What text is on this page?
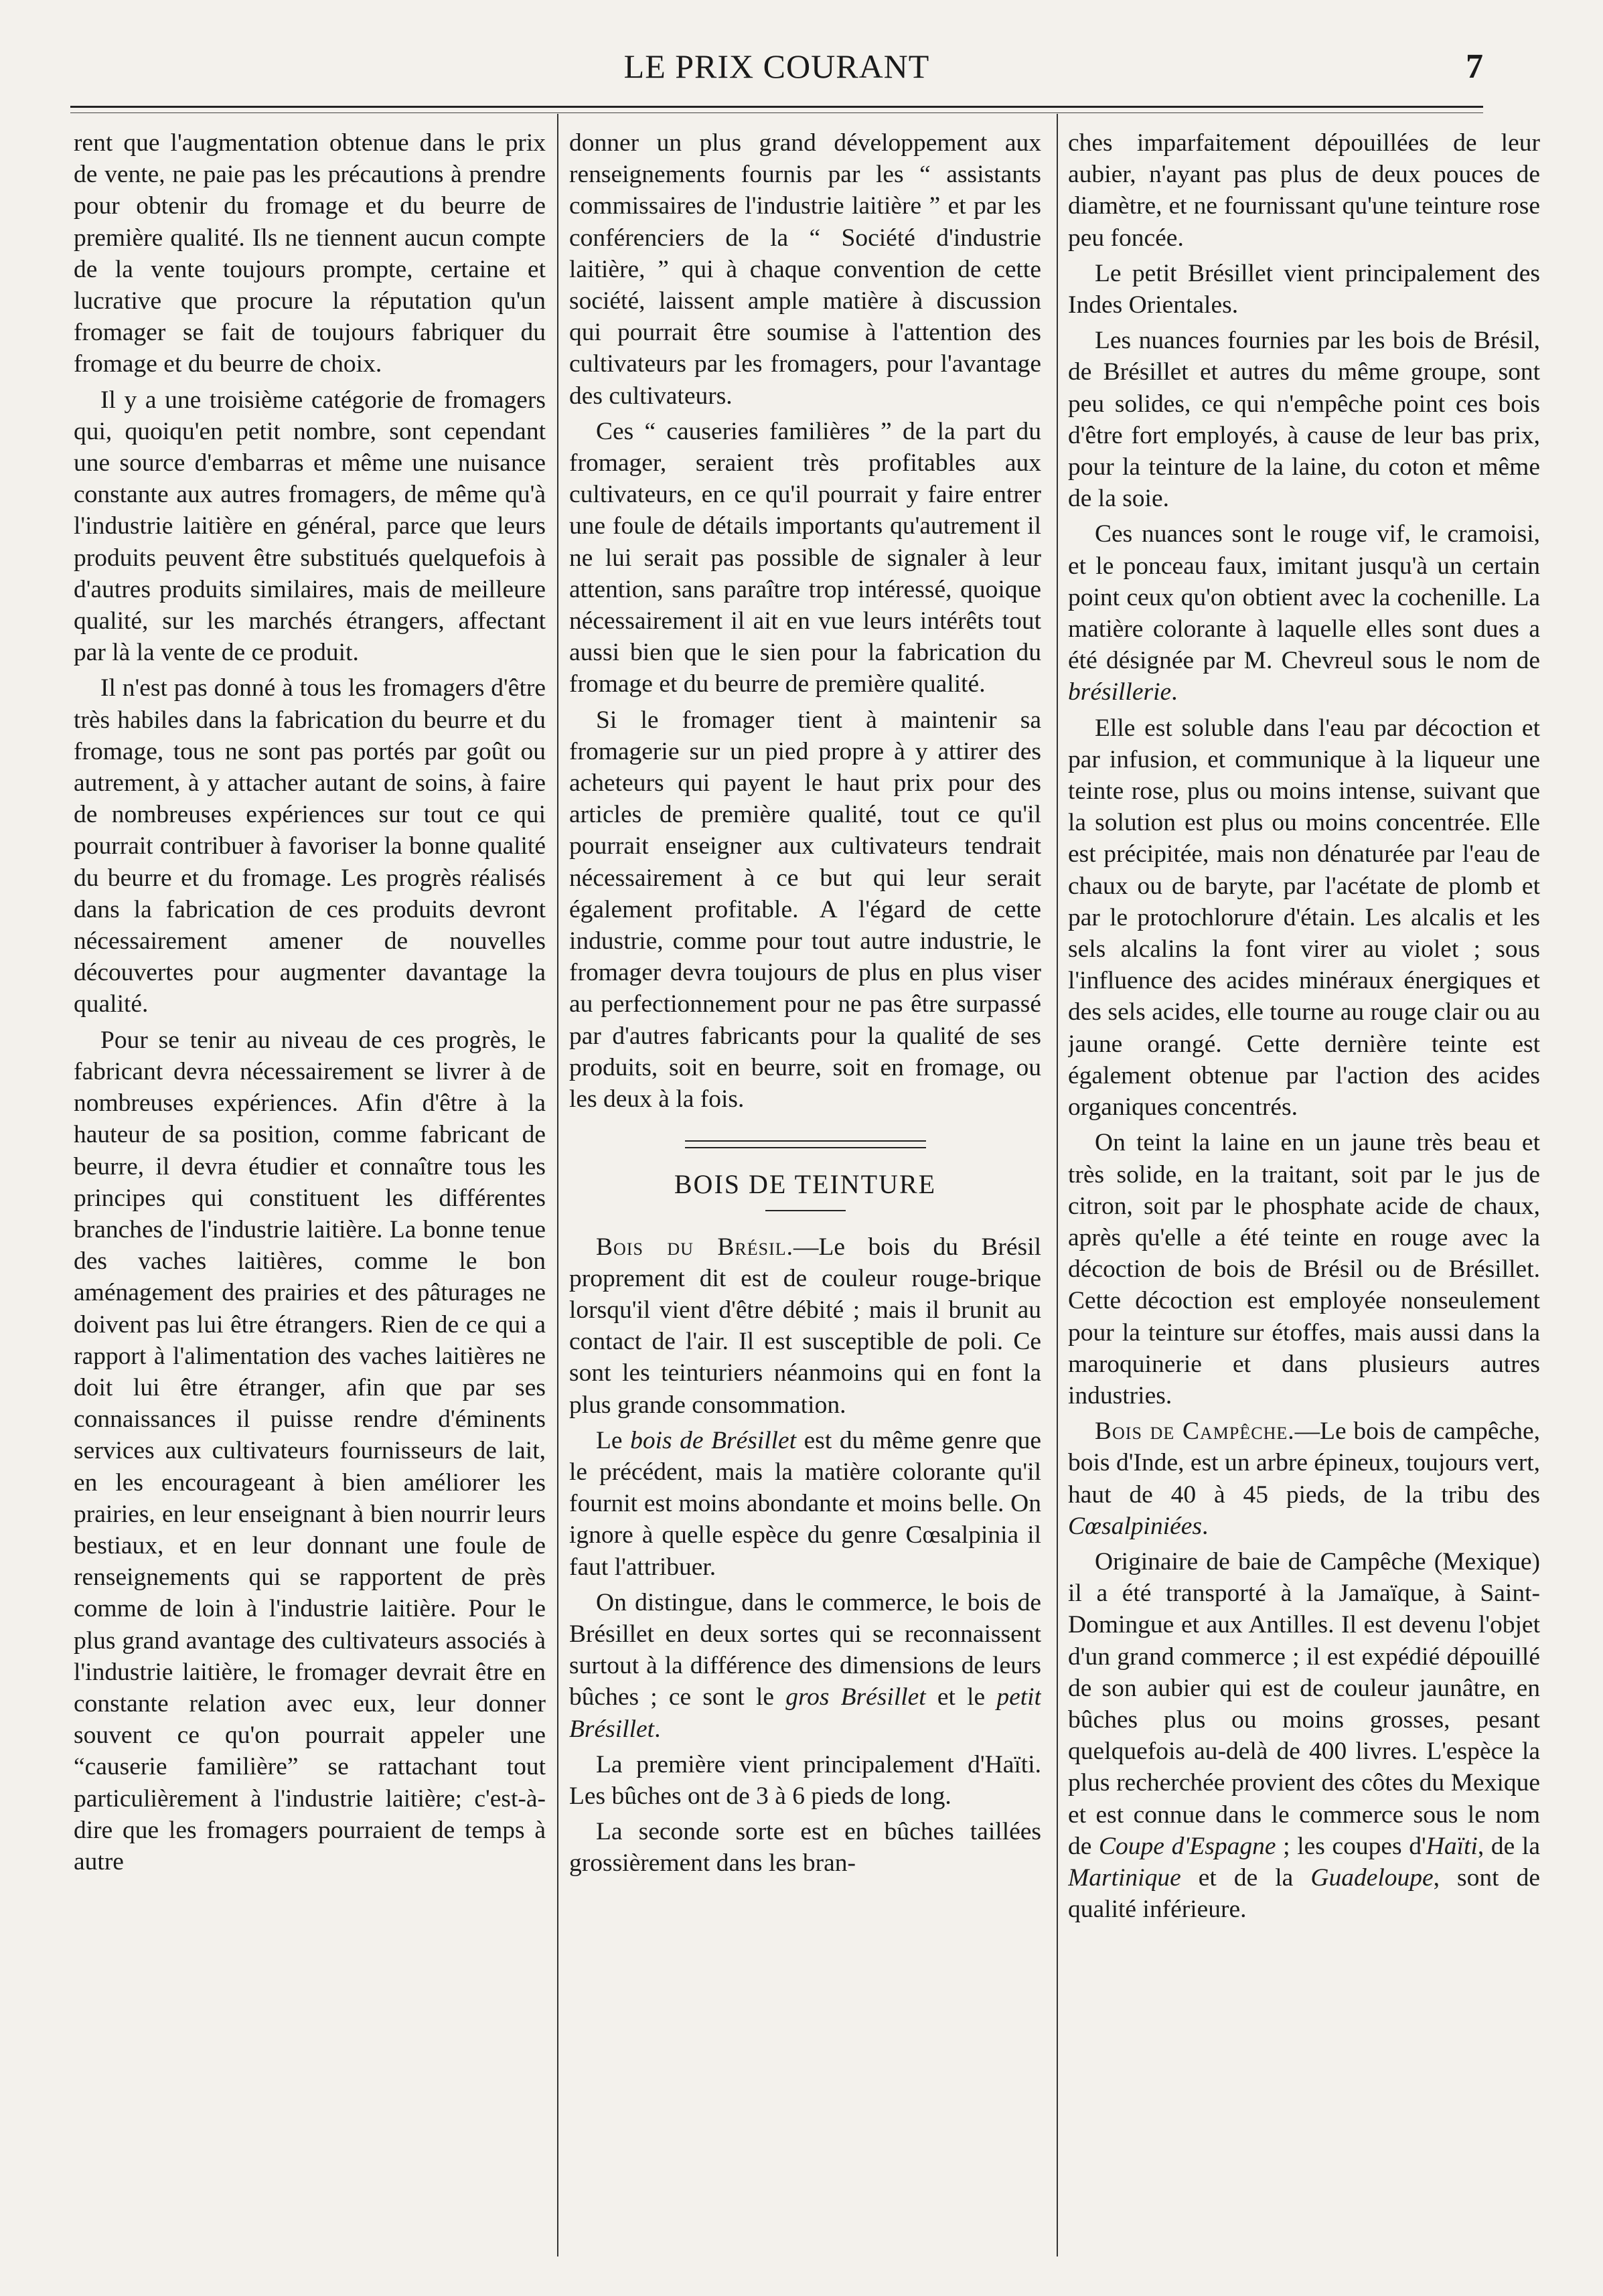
LE PRIX COURANT	7

rent que l'augmentation obtenue dans le prix de vente, ne paie pas les précautions à prendre pour obtenir du fromage et du beurre de première qualité. Ils ne tiennent aucun compte de la vente toujours prompte, certaine et lucrative que procure la réputation qu'un fromager se fait de toujours fabriquer du fromage et du beurre de choix.

Il y a une troisième catégorie de fromagers qui, quoiqu'en petit nombre, sont cependant une source d'embarras et même une nuisance constante aux autres fromagers, de même qu'à l'industrie laitière en général, parce que leurs produits peuvent être substitués quelquefois à d'autres produits similaires, mais de meilleure qualité, sur les marchés étrangers, affectant par là la vente de ce produit.

Il n'est pas donné à tous les fromagers d'être très habiles dans la fabrication du beurre et du fromage, tous ne sont pas portés par goût ou autrement, à y attacher autant de soins, à faire de nombreuses expériences sur tout ce qui pourrait contribuer à favoriser la bonne qualité du beurre et du fromage. Les progrès réalisés dans la fabrication de ces produits devront nécessairement amener de nouvelles découvertes pour augmenter davantage la qualité.

Pour se tenir au niveau de ces progrès, le fabricant devra nécessairement se livrer à de nombreuses expériences. Afin d'être à la hauteur de sa position, comme fabricant de beurre, il devra étudier et connaître tous les principes qui constituent les différentes branches de l'industrie laitière. La bonne tenue des vaches laitières, comme le bon aménagement des prairies et des pâturages ne doivent pas lui être étrangers. Rien de ce qui a rapport à l'alimentation des vaches laitières ne doit lui être étranger, afin que par ses connaissances il puisse rendre d'éminents services aux cultivateurs fournisseurs de lait, en les encourageant à bien améliorer les prairies, en leur enseignant à bien nourrir leurs bestiaux, et en leur donnant une foule de renseignements qui se rapportent de près comme de loin à l'industrie laitière. Pour le plus grand avantage des cultivateurs associés à l'industrie laitière, le fromager devrait être en constante relation avec eux, leur donner souvent ce qu'on pourrait appeler une “causerie familière” se rattachant tout particulièrement à l'industrie laitière; c'est-à-dire que les fromagers pourraient de temps à autre

donner un plus grand développement aux renseignements fournis par les “ assistants commissaires de l'industrie laitière ” et par les conférenciers de la “ Société d'industrie laitière, ” qui à chaque convention de cette société, laissent ample matière à discussion qui pourrait être soumise à l'attention des cultivateurs par les fromagers, pour l'avantage des cultivateurs.

Ces “ causeries familières ” de la part du fromager, seraient très profitables aux cultivateurs, en ce qu'il pourrait y faire entrer une foule de détails importants qu'autrement il ne lui serait pas possible de signaler à leur attention, sans paraître trop intéressé, quoique nécessairement il ait en vue leurs intérêts tout aussi bien que le sien pour la fabrication du fromage et du beurre de première qualité.

Si le fromager tient à maintenir sa fromagerie sur un pied propre à y attirer des acheteurs qui payent le haut prix pour des articles de première qualité, tout ce qu'il pourrait enseigner aux cultivateurs tendrait nécessairement à ce but qui leur serait également profitable. A l'égard de cette industrie, comme pour tout autre industrie, le fromager devra toujours de plus en plus viser au perfectionnement pour ne pas être surpassé par d'autres fabricants pour la qualité de ses produits, soit en beurre, soit en fromage, ou les deux à la fois.

BOIS DE TEINTURE

Bois du Brésil.—Le bois du Brésil proprement dit est de couleur rouge-brique lorsqu'il vient d'être débité ; mais il brunit au contact de l'air. Il est susceptible de poli. Ce sont les teinturiers néanmoins qui en font la plus grande consommation.

Le bois de Brésillet est du même genre que le précédent, mais la matière colorante qu'il fournit est moins abondante et moins belle. On ignore à quelle espèce du genre Cœsalpinia il faut l'attribuer.

On distingue, dans le commerce, le bois de Brésillet en deux sortes qui se reconnaissent surtout à la différence des dimensions de leurs bûches ; ce sont le gros Brésillet et le petit Brésillet.

La première vient principalement d'Haïti. Les bûches ont de 3 à 6 pieds de long.

La seconde sorte est en bûches taillées grossièrement dans les bran-

ches imparfaitement dépouillées de leur aubier, n'ayant pas plus de deux pouces de diamètre, et ne fournissant qu'une teinture rose peu foncée.

Le petit Brésillet vient principalement des Indes Orientales.

Les nuances fournies par les bois de Brésil, de Brésillet et autres du même groupe, sont peu solides, ce qui n'empêche point ces bois d'être fort employés, à cause de leur bas prix, pour la teinture de la laine, du coton et même de la soie.

Ces nuances sont le rouge vif, le cramoisi, et le ponceau faux, imitant jusqu'à un certain point ceux qu'on obtient avec la cochenille. La matière colorante à laquelle elles sont dues a été désignée par M. Chevreul sous le nom de brésillerie.

Elle est soluble dans l'eau par décoction et par infusion, et communique à la liqueur une teinte rose, plus ou moins intense, suivant que la solution est plus ou moins concentrée. Elle est précipitée, mais non dénaturée par l'eau de chaux ou de baryte, par l'acétate de plomb et par le protochlorure d'étain. Les alcalis et les sels alcalins la font virer au violet ; sous l'influence des acides minéraux énergiques et des sels acides, elle tourne au rouge clair ou au jaune orangé. Cette dernière teinte est également obtenue par l'action des acides organiques concentrés.

On teint la laine en un jaune très beau et très solide, en la traitant, soit par le jus de citron, soit par le phosphate acide de chaux, après qu'elle a été teinte en rouge avec la décoction de bois de Brésil ou de Brésillet. Cette décoction est employée nonseulement pour la teinture sur étoffes, mais aussi dans la maroquinerie et dans plusieurs autres industries.

Bois de Campêche.—Le bois de campêche, bois d'Inde, est un arbre épineux, toujours vert, haut de 40 à 45 pieds, de la tribu des Cœsalpiniées.

Originaire de baie de Campêche (Mexique) il a été transporté à la Jamaïque, à Saint-Domingue et aux Antilles. Il est devenu l'objet d'un grand commerce ; il est expédié dépouillé de son aubier qui est de couleur jaunâtre, en bûches plus ou moins grosses, pesant quelquefois au-delà de 400 livres. L'espèce la plus recherchée provient des côtes du Mexique et est connue dans le commerce sous le nom de Coupe d'Espagne ; les coupes d'Haïti, de la Martinique et de la Guadeloupe, sont de qualité inférieure.
